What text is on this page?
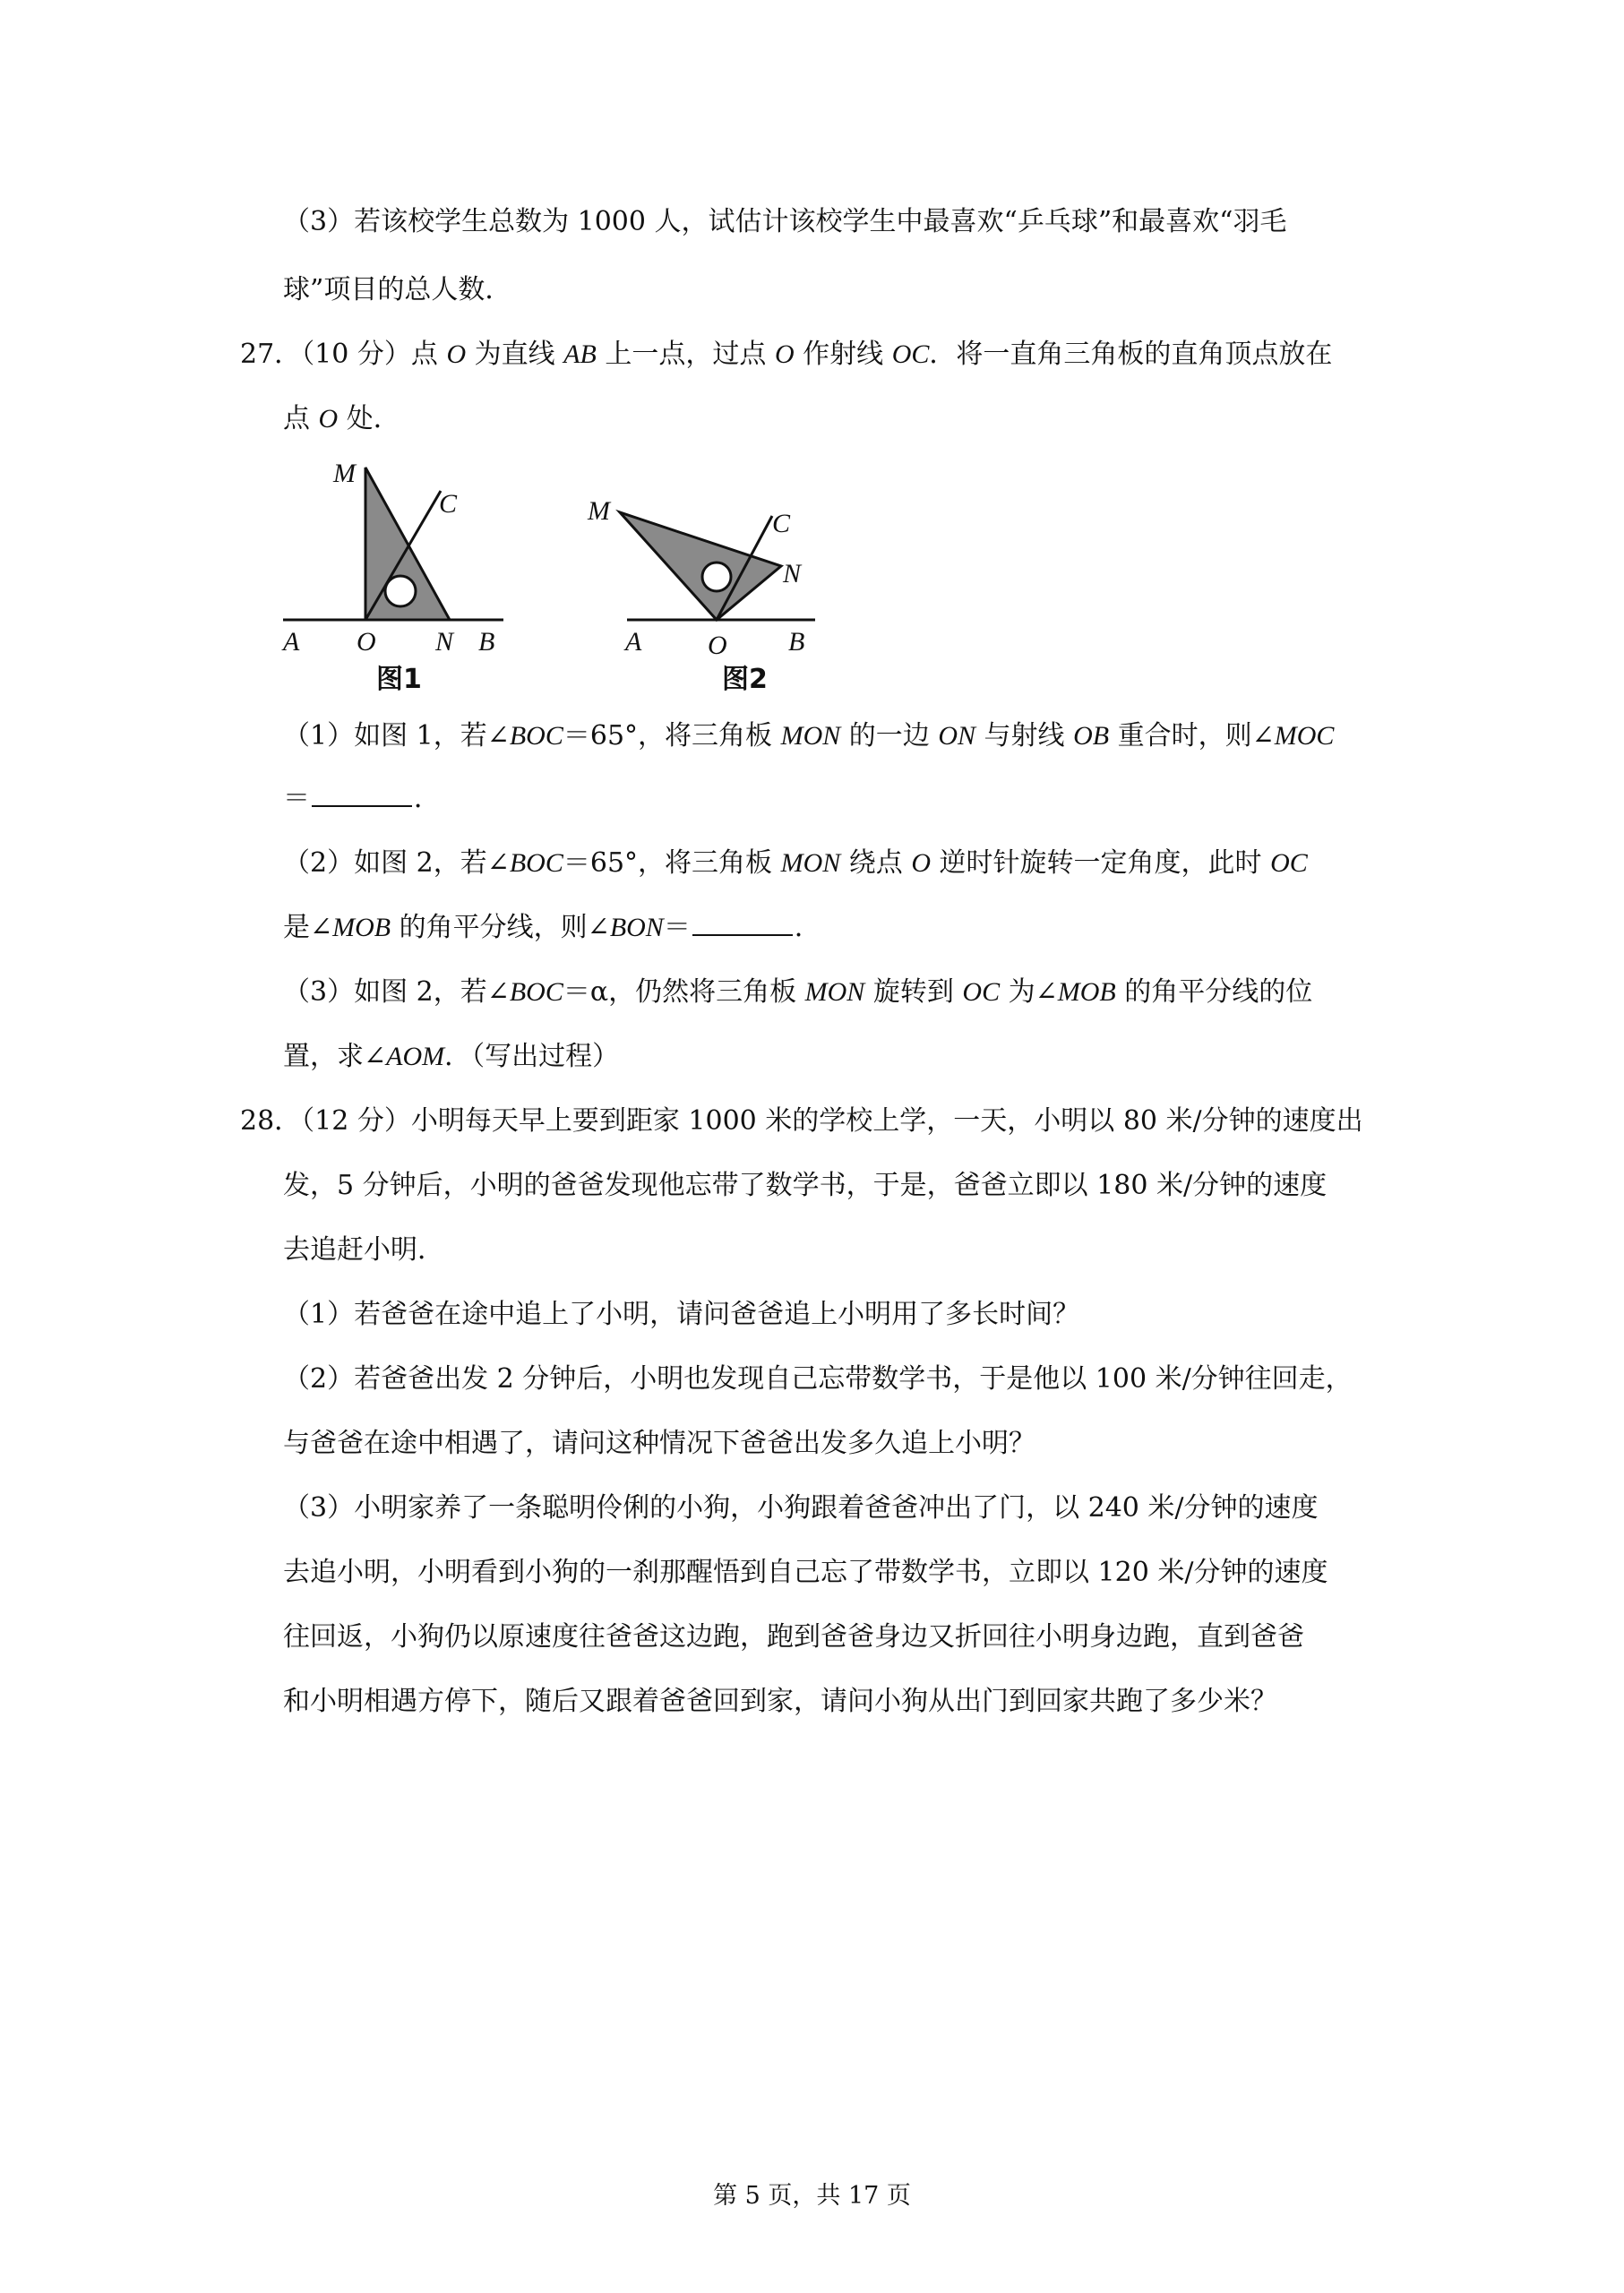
（3）若该校学生总数为 1000 人，试估计该校学生中最喜欢“乒乓球”和最喜欢“羽毛
球”项目的总人数．
27．（10 分）点 O 为直线 AB 上一点，过点 O 作射线 OC．将一直角三角板的直角顶点放在
点 O 处．
M
C
A O N B
图1
M	C
N
A O B
图2
（1）如图 1，若∠BOC＝65°，将三角板 MON 的一边 ON 与射线 OB 重合时，则∠MOC
＝	．
（2）如图 2，若∠BOC＝65°，将三角板 MON 绕点 O 逆时针旋转一定角度，此时 OC
是∠MOB 的角平分线，则∠BON＝	．
（3）如图 2，若∠BOC＝α，仍然将三角板 MON 旋转到 OC 为∠MOB 的角平分线的位
置，求∠AOM．（写出过程）
28．（12 分）小明每天早上要到距家 1000 米的学校上学，一天，小明以 80 米/分钟的速度出
发，5 分钟后，小明的爸爸发现他忘带了数学书，于是，爸爸立即以 180 米/分钟的速度
去追赶小明．
（1）若爸爸在途中追上了小明，请问爸爸追上小明用了多长时间？
（2）若爸爸出发 2 分钟后，小明也发现自己忘带数学书，于是他以 100 米/分钟往回走，
与爸爸在途中相遇了，请问这种情况下爸爸出发多久追上小明？
（3）小明家养了一条聪明伶俐的小狗，小狗跟着爸爸冲出了门，以 240 米/分钟的速度
去追小明，小明看到小狗的一刹那醒悟到自己忘了带数学书，立即以 120 米/分钟的速度
往回返，小狗仍以原速度往爸爸这边跑，跑到爸爸身边又折回往小明身边跑，直到爸爸
和小明相遇方停下，随后又跟着爸爸回到家，请问小狗从出门到回家共跑了多少米？
第 5 页，共 17 页
